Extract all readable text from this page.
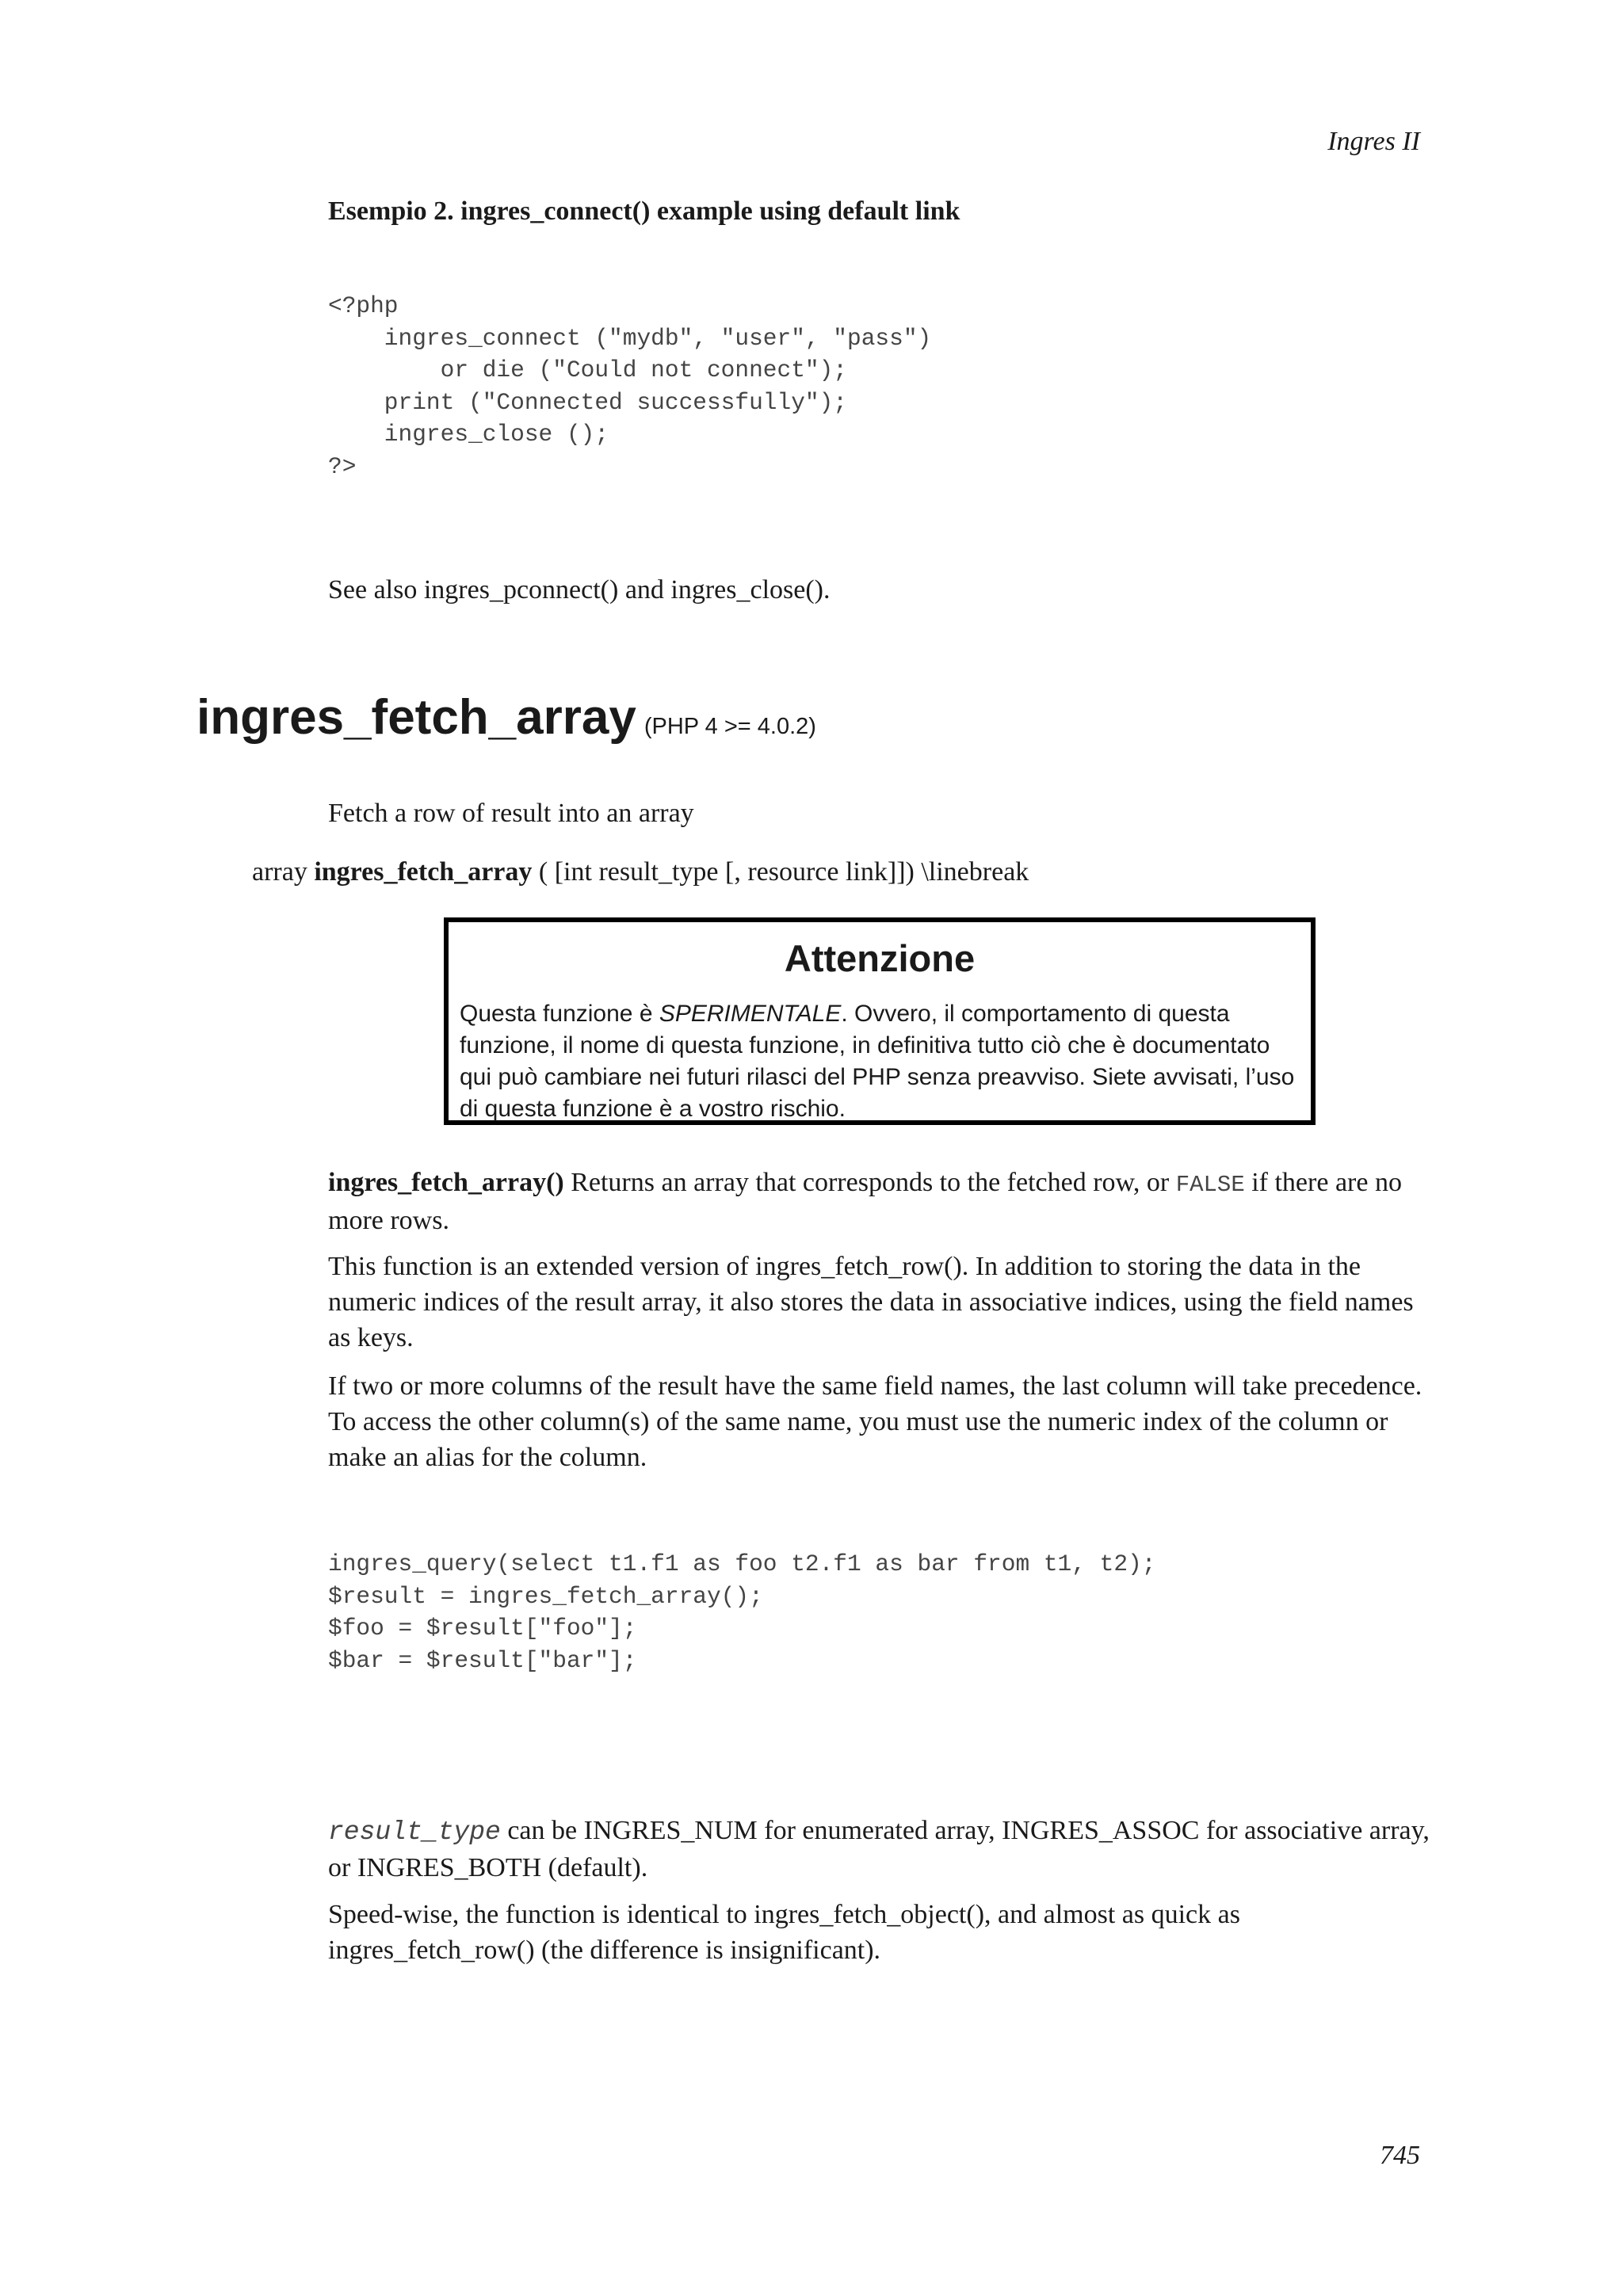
Ingres II
Esempio 2. ingres_connect() example using default link
<?php
ingres_connect ("mydb", "user", "pass")
or die ("Could not connect");
print ("Connected successfully");
ingres_close ();
?>
See also ingres_pconnect() and ingres_close().
ingres_fetch_array (PHP 4 >= 4.0.2)
Fetch a row of result into an array
array ingres_fetch_array ( [int result_type [, resource link]]) \linebreak
Attenzione
Questa funzione è SPERIMENTALE. Ovvero, il comportamento di questa funzione, il nome di questa funzione, in definitiva tutto ciò che è documentato qui può cambiare nei futuri rilasci del PHP senza preavviso. Siete avvisati, l’uso di questa funzione è a vostro rischio.
ingres_fetch_array() Returns an array that corresponds to the fetched row, or FALSE if there are no more rows.
This function is an extended version of ingres_fetch_row(). In addition to storing the data in the numeric indices of the result array, it also stores the data in associative indices, using the field names as keys.
If two or more columns of the result have the same field names, the last column will take precedence. To access the other column(s) of the same name, you must use the numeric index of the column or make an alias for the column.
ingres_query(select t1.f1 as foo t2.f1 as bar from t1, t2);
$result = ingres_fetch_array();
$foo = $result["foo"];
$bar = $result["bar"];
result_type can be INGRES_NUM for enumerated array, INGRES_ASSOC for associative array, or INGRES_BOTH (default).
Speed-wise, the function is identical to ingres_fetch_object(), and almost as quick as ingres_fetch_row() (the difference is insignificant).
745
